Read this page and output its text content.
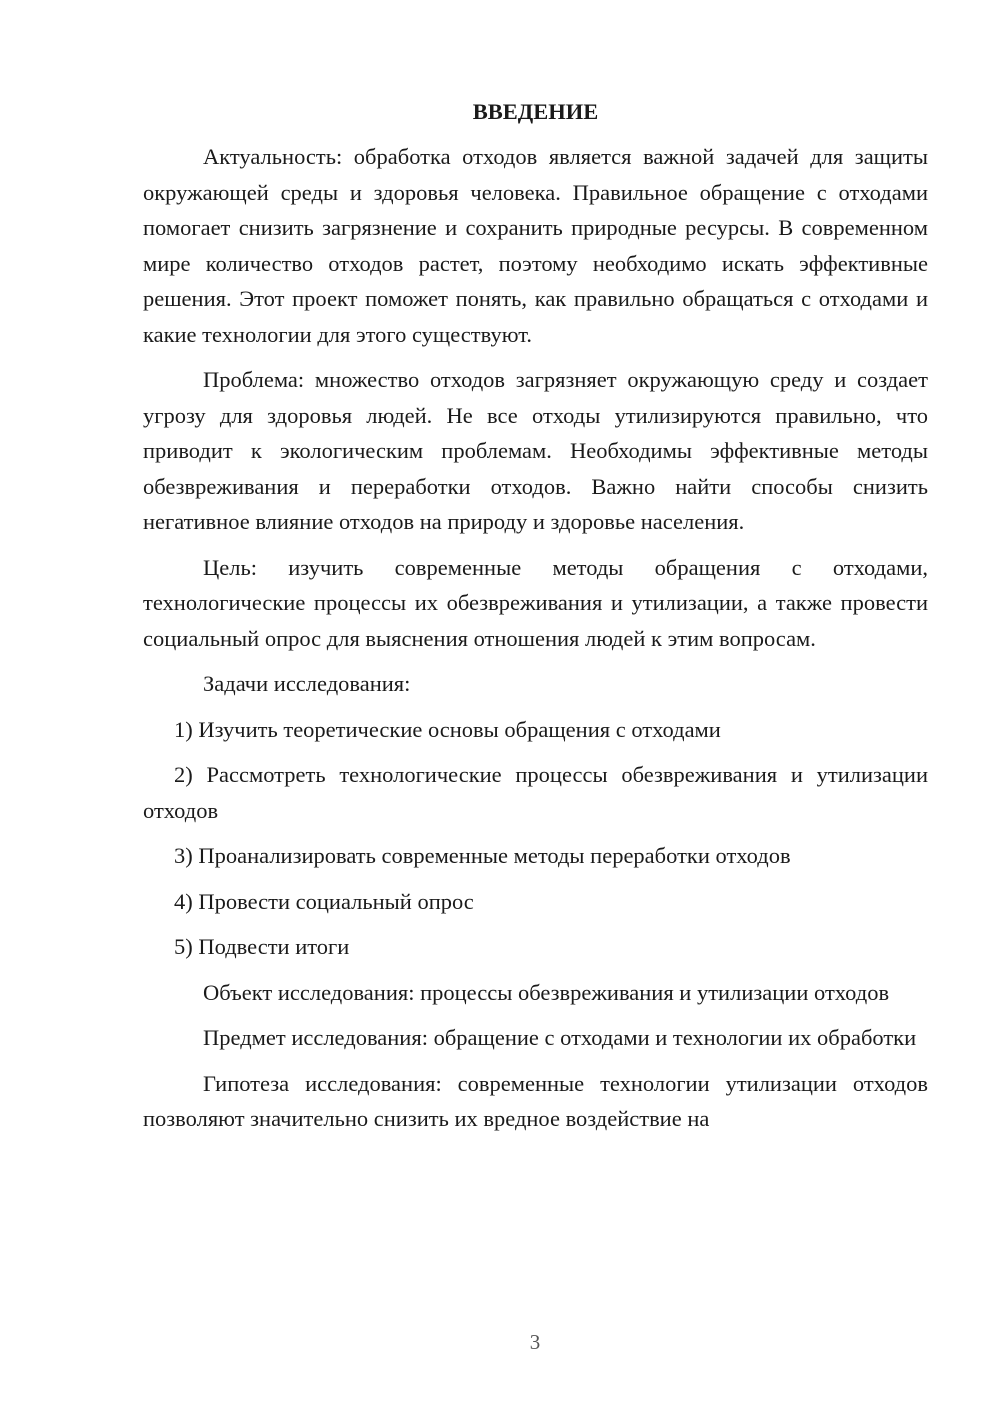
ВВЕДЕНИЕ

Актуальность: обработка отходов является важной задачей для защиты окружающей среды и здоровья человека. Правильное обращение с отходами помогает снизить загрязнение и сохранить природные ресурсы. В современном мире количество отходов растет, поэтому необходимо искать эффективные решения. Этот проект поможет понять, как правильно обращаться с отходами и какие технологии для этого существуют.

Проблема: множество отходов загрязняет окружающую среду и создает угрозу для здоровья людей. Не все отходы утилизируются правильно, что приводит к экологическим проблемам. Необходимы эффективные методы обезвреживания и переработки отходов. Важно найти способы снизить негативное влияние отходов на природу и здоровье населения.

Цель: изучить современные методы обращения с отходами, технологические процессы их обезвреживания и утилизации, а также провести социальный опрос для выяснения отношения людей к этим вопросам.

Задачи исследования:

1) Изучить теоретические основы обращения с отходами

2) Рассмотреть технологические процессы обезвреживания и утилизации отходов

3) Проанализировать современные методы переработки отходов

4) Провести социальный опрос

5) Подвести итоги

Объект исследования: процессы обезвреживания и утилизации отходов

Предмет исследования: обращение с отходами и технологии их обработки

Гипотеза исследования: современные технологии утилизации отходов позволяют значительно снизить их вредное воздействие на

3
